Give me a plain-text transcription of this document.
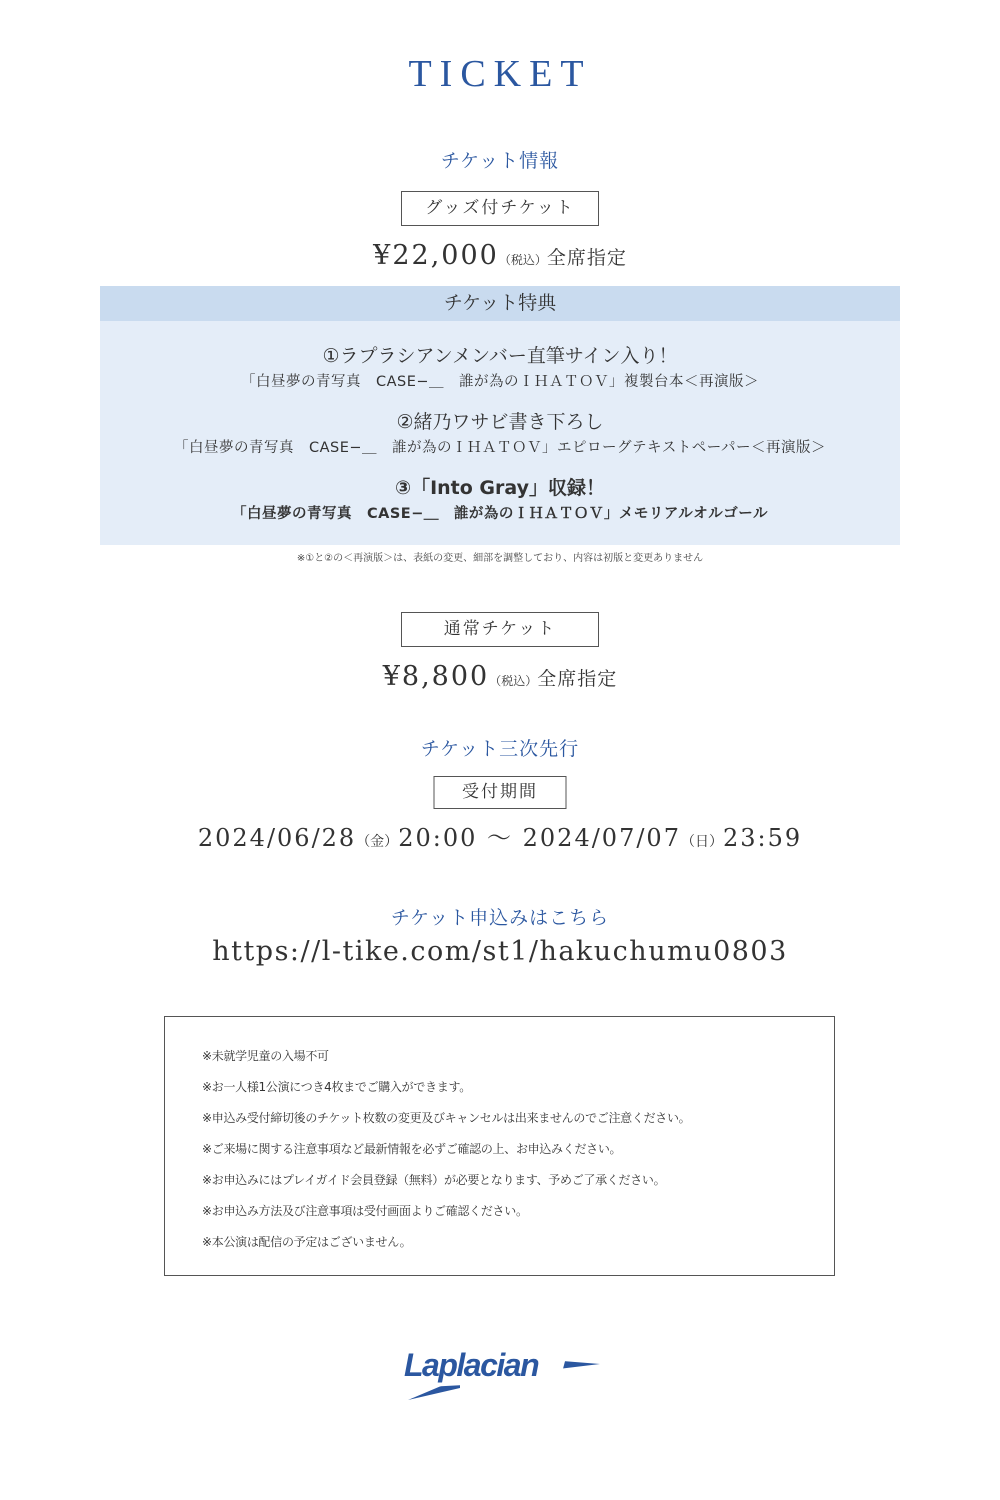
TICKET
チケット情報
グッズ付チケット
¥22,000（税込）全席指定
チケット特典
①ラプラシアンメンバー直筆サイン入り！
「白昼夢の青写真　CASE−＿　誰が為のＩＨＡＴＯＶ」複製台本＜再演版＞
②緒乃ワサビ書き下ろし
「白昼夢の青写真　CASE−＿　誰が為のＩＨＡＴＯＶ」エピローグテキストペーパー＜再演版＞
③「Into Gray」収録！
「白昼夢の青写真　CASE−＿　誰が為のＩＨＡＴＯＶ」メモリアルオルゴール
※①と②の＜再演版＞は、表紙の変更、細部を調整しており、内容は初版と変更ありません
通常チケット
¥8,800（税込）全席指定
チケット三次先行
受付期間
2024/06/28（金）20:00 〜 2024/07/07（日）23:59
チケット申込みはこちら
https://l-tike.com/st1/hakuchumu0803
※未就学児童の入場不可
※お一人様1公演につき4枚までご購入ができます。
※申込み受付締切後のチケット枚数の変更及びキャンセルは出来ませんのでご注意ください。
※ご来場に関する注意事項など最新情報を必ずご確認の上、お申込みください。
※お申込みにはプレイガイド会員登録（無料）が必要となります、予めご了承ください。
※お申込み方法及び注意事項は受付画面よりご確認ください。
※本公演は配信の予定はございません。
Laplacian
